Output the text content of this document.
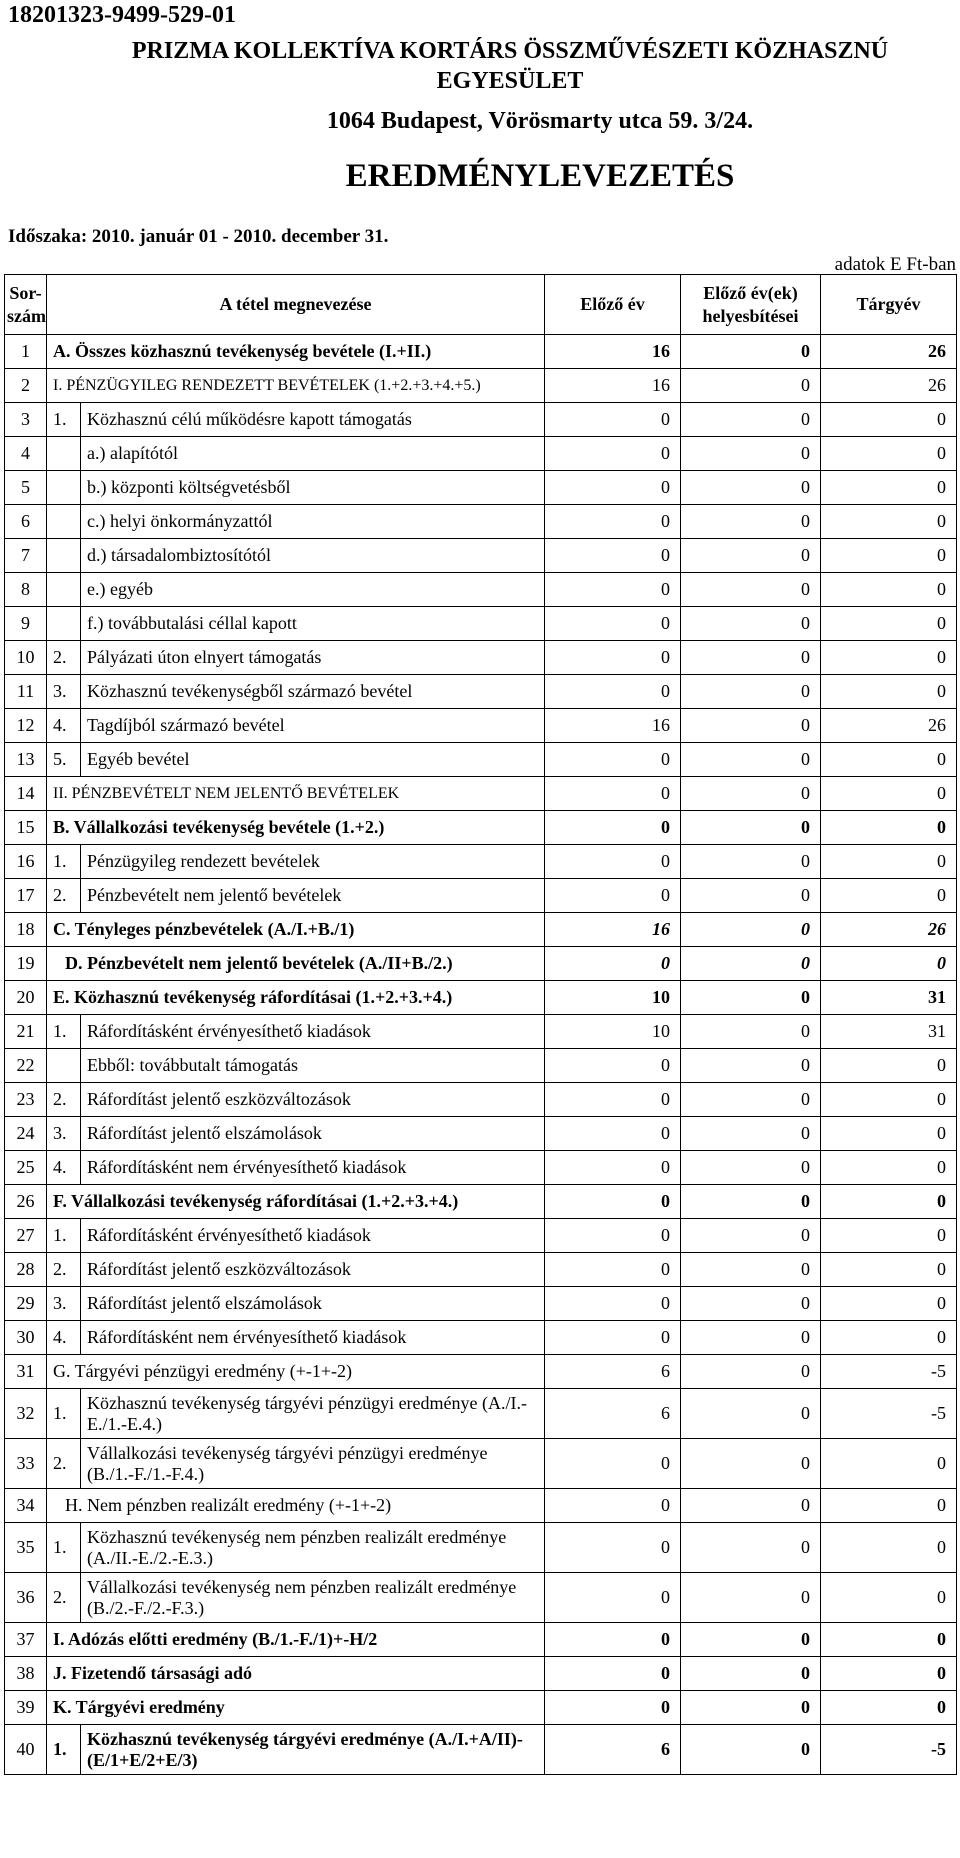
18201323-9499-529-01
PRIZMA KOLLEKTÍVA KORTÁRS ÖSSZMŰVÉSZETI KÖZHASZNÚ
EGYESÜLET
1064 Budapest, Vörösmarty utca 59. 3/24.
EREDMÉNYLEVEZETÉS
Időszaka: 2010. január 01 - 2010. december 31.
adatok E Ft-ban
Sor-szám	A tétel megnevezése		Előző év	Előző év(ek) helyesbítései	Tárgyév
1	A. Összes közhasznú tevékenység bevétele (I.+II.)		16	0	26
2	I. PÉNZÜGYILEG RENDEZETT BEVÉTELEK (1.+2.+3.+4.+5.)		16	0	26
3	1.	Közhasznú célú működésre kapott támogatás	0	0	0
4		a.) alapítótól	0	0	0
5		b.) központi költségvetésből	0	0	0
6		c.) helyi önkormányzattól	0	0	0
7		d.) társadalombiztosítótól	0	0	0
8		e.) egyéb	0	0	0
9		f.) továbbutalási céllal kapott	0	0	0
10	2.	Pályázati úton elnyert támogatás	0	0	0
11	3.	Közhasznú tevékenységből származó bevétel	0	0	0
12	4.	Tagdíjból származó bevétel	16	0	26
13	5.	Egyéb bevétel	0	0	0
14	II. PÉNZBEVÉTELT NEM JELENTŐ BEVÉTELEK		0	0	0
15	B. Vállalkozási tevékenység bevétele (1.+2.)		0	0	0
16	1.	Pénzügyileg rendezett bevételek	0	0	0
17	2.	Pénzbevételt nem jelentő bevételek	0	0	0
18	C. Tényleges pénzbevételek (A./I.+B./1)		16	0	26
19	D. Pénzbevételt nem jelentő bevételek (A./II+B./2.)		0	0	0
20	E. Közhasznú tevékenység ráfordításai (1.+2.+3.+4.)		10	0	31
21	1.	Ráfordításként érvényesíthető kiadások	10	0	31
22		Ebből: továbbutalt támogatás	0	0	0
23	2.	Ráfordítást jelentő eszközváltozások	0	0	0
24	3.	Ráfordítást jelentő elszámolások	0	0	0
25	4.	Ráfordításként nem érvényesíthető kiadások	0	0	0
26	F. Vállalkozási tevékenység ráfordításai (1.+2.+3.+4.)		0	0	0
27	1.	Ráfordításként érvényesíthető kiadások	0	0	0
28	2.	Ráfordítást jelentő eszközváltozások	0	0	0
29	3.	Ráfordítást jelentő elszámolások	0	0	0
30	4.	Ráfordításként nem érvényesíthető kiadások	0	0	0
31	G. Tárgyévi pénzügyi eredmény (+-1+-2)		6	0	-5
32	1.	Közhasznú tevékenység tárgyévi pénzügyi eredménye (A./I.-E./1.-E.4.)	6	0	-5
33	2.	Vállalkozási tevékenység tárgyévi pénzügyi eredménye (B./1.-F./1.-F.4.)	0	0	0
34	H. Nem pénzben realizált eredmény (+-1+-2)		0	0	0
35	1.	Közhasznú tevékenység nem pénzben realizált eredménye (A./II.-E./2.-E.3.)	0	0	0
36	2.	Vállalkozási tevékenység nem pénzben realizált eredménye (B./2.-F./2.-F.3.)	0	0	0
37	I. Adózás előtti eredmény (B./1.-F./1)+-H/2		0	0	0
38	J. Fizetendő társasági adó		0	0	0
39	K. Tárgyévi eredmény		0	0	0
40	1.	Közhasznú tevékenység tárgyévi eredménye (A./I.+A/II)-(E/1+E/2+E/3)	6	0	-5
